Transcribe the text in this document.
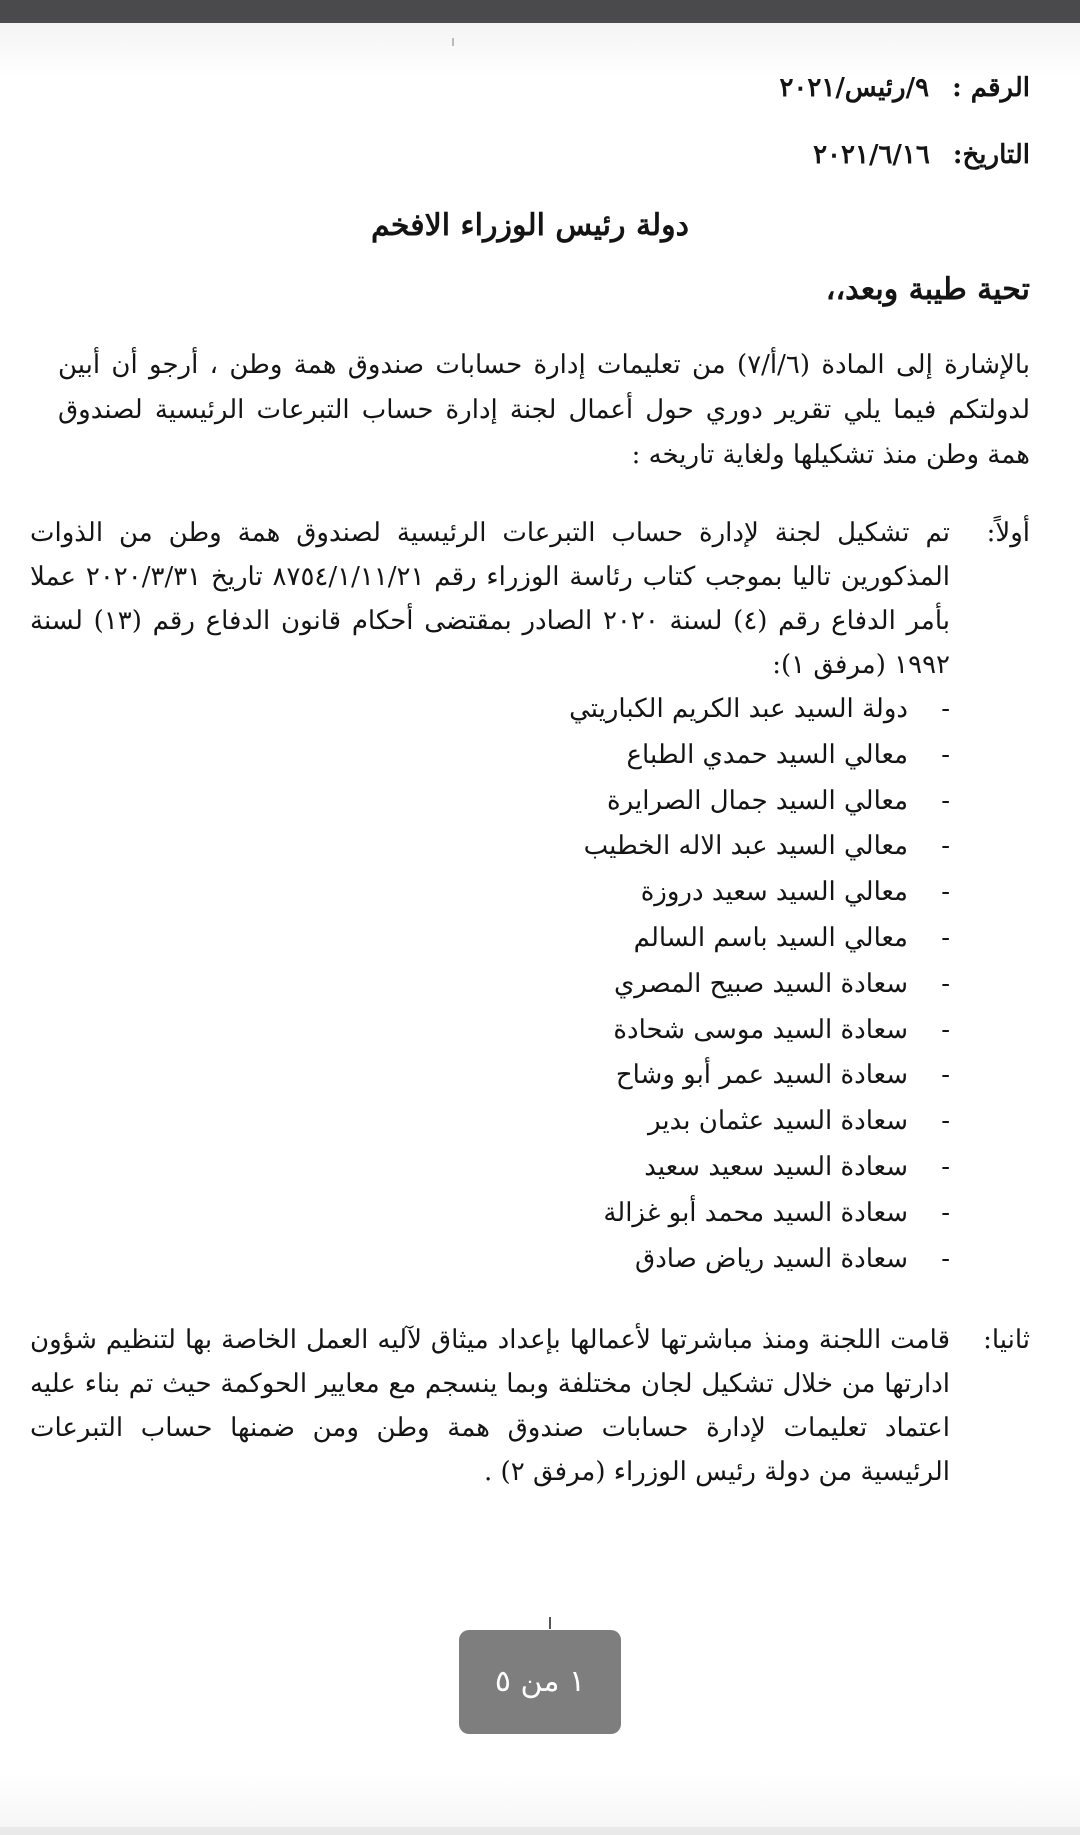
الرقم : ٩/رئيس/٢٠٢١
التاريخ: ٢٠٢١/٦/١٦
دولة رئيس الوزراء الافخم
تحية طيبة وبعد،،
بالإشارة إلى المادة (٦/أ/٧) من تعليمات إدارة حسابات صندوق همة وطن ، أرجو أن أبين لدولتكم فيما يلي تقرير دوري حول أعمال لجنة إدارة حساب التبرعات الرئيسية لصندوق همة وطن منذ تشكيلها ولغاية تاريخه :
أولاً:
تم تشكيل لجنة لإدارة حساب التبرعات الرئيسية لصندوق همة وطن من الذوات المذكورين تاليا بموجب كتاب رئاسة الوزراء رقم ٨٧٥٤/١/١١/٢١ تاريخ ٢٠٢٠/٣/٣١ عملا بأمر الدفاع رقم (٤) لسنة ٢٠٢٠ الصادر بمقتضى أحكام قانون الدفاع رقم (١٣) لسنة ١٩٩٢ (مرفق ١):
-
دولة السيد عبد الكريم الكباريتي
-
معالي السيد حمدي الطباع
-
معالي السيد جمال الصرايرة
-
معالي السيد عبد الاله الخطيب
-
معالي السيد سعيد دروزة
-
معالي السيد باسم السالم
-
سعادة السيد صبيح المصري
-
سعادة السيد موسى شحادة
-
سعادة السيد عمر أبو وشاح
-
سعادة السيد عثمان بدير
-
سعادة السيد سعيد سعيد
-
سعادة السيد محمد أبو غزالة
-
سعادة السيد رياض صادق
ثانيا:
قامت اللجنة ومنذ مباشرتها لأعمالها بإعداد ميثاق لآليه العمل الخاصة بها لتنظيم شؤون ادارتها من خلال تشكيل لجان مختلفة وبما ينسجم مع معايير الحوكمة حيث تم بناء عليه اعتماد تعليمات لإدارة حسابات صندوق همة وطن ومن ضمنها حساب التبرعات الرئيسية من دولة رئيس الوزراء (مرفق ٢) .
١ من ٥
